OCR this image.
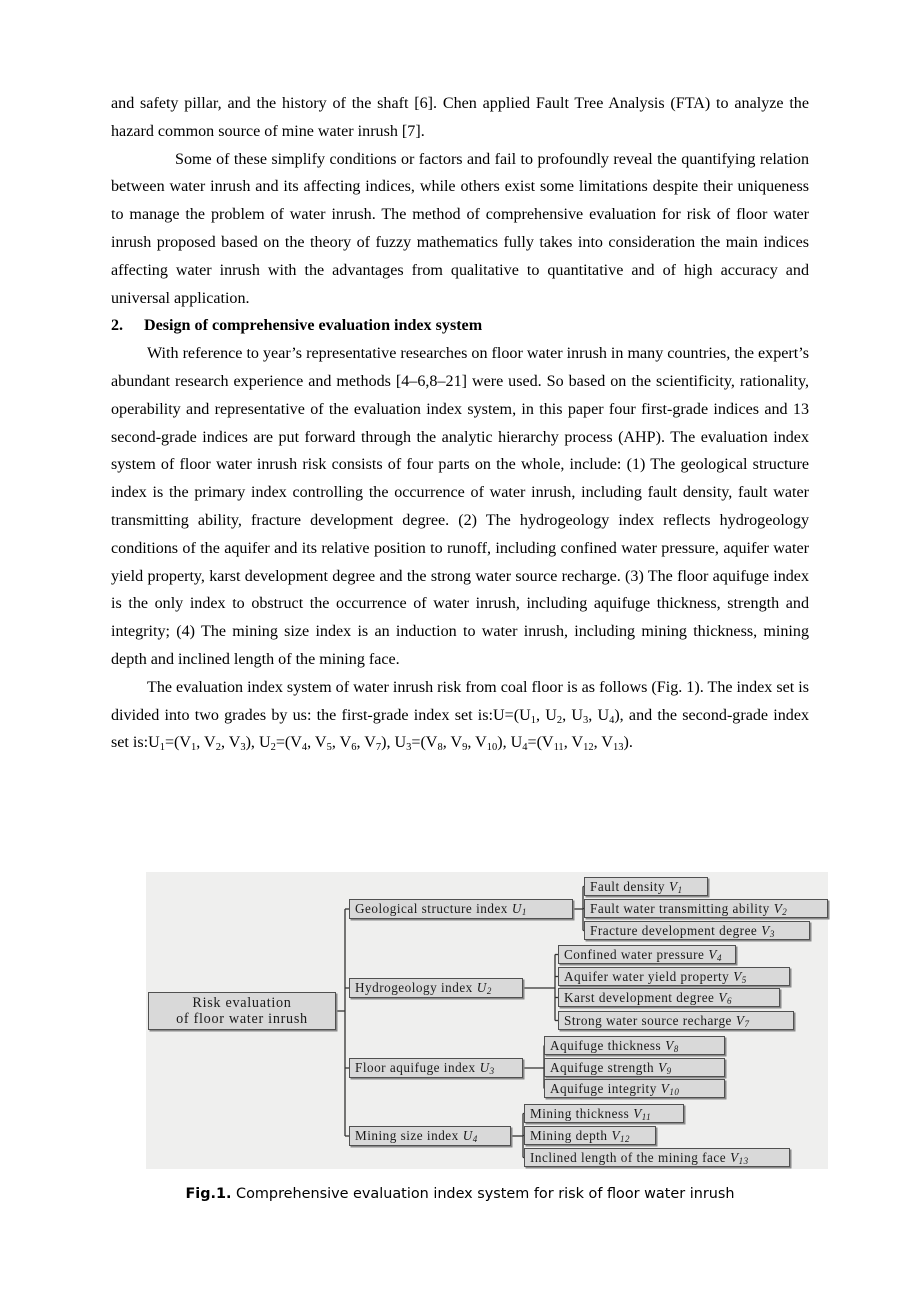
and safety pillar, and the history of the shaft [6]. Chen applied Fault Tree Analysis (FTA) to analyze the hazard common source of mine water inrush [7].

Some of these simplify conditions or factors and fail to profoundly reveal the quantifying relation between water inrush and its affecting indices, while others exist some limitations despite their uniqueness to manage the problem of water inrush. The method of comprehensive evaluation for risk of floor water inrush proposed based on the theory of fuzzy mathematics fully takes into consideration the main indices affecting water inrush with the advantages from qualitative to quantitative and of high accuracy and universal application.

2. Design of comprehensive evaluation index system

With reference to year’s representative researches on floor water inrush in many countries, the expert’s abundant research experience and methods [4–6,8–21] were used. So based on the scientificity, rationality, operability and representative of the evaluation index system, in this paper four first-grade indices and 13 second-grade indices are put forward through the analytic hierarchy process (AHP). The evaluation index system of floor water inrush risk consists of four parts on the whole, include: (1) The geological structure index is the primary index controlling the occurrence of water inrush, including fault density, fault water transmitting ability, fracture development degree. (2) The hydrogeology index reflects hydrogeology conditions of the aquifer and its relative position to runoff, including confined water pressure, aquifer water yield property, karst development degree and the strong water source recharge. (3) The floor aquifuge index is the only index to obstruct the occurrence of water inrush, including aquifuge thickness, strength and integrity; (4) The mining size index is an induction to water inrush, including mining thickness, mining depth and inclined length of the mining face.

The evaluation index system of water inrush risk from coal floor is as follows (Fig. 1). The index set is divided into two grades by us: the first-grade index set $is:U=(U_1$, $U_2$, $U_3$, $U_4$), and the second-grade index set $is:U_1=(V_1$, $V_2$, $V_3$), $U_2=(V_4$, $V_5$, $V_6$, $V_7$), $U_3=(V_8$, $V_9$, $V_{10}$), $U_4=(V_{11}$, $V_{12}$, $V_{13}$).

Risk evaluation
of floor water inrush
Geological structure index $U_1$
Hydrogeology index $U_2$
Floor aquifuge index $U_3$
Mining size index $U_4$
Fault density $V_1$
Fault water transmitting ability $V_2$
Fracture development degree $V_3$
Confined water pressure $V_4$
Aquifer water yield property $V_5$
Karst development degree $V_6$
Strong water source recharge $V_7$
Aquifuge thickness $V_8$
Aquifuge strength $V_9$
Aquifuge integrity $V_{10}$
Mining thickness $V_{11}$
Mining depth $V_{12}$
Inclined length of the mining face $V_{13}$
Fig.1. Comprehensive evaluation index system for risk of floor water inrush
